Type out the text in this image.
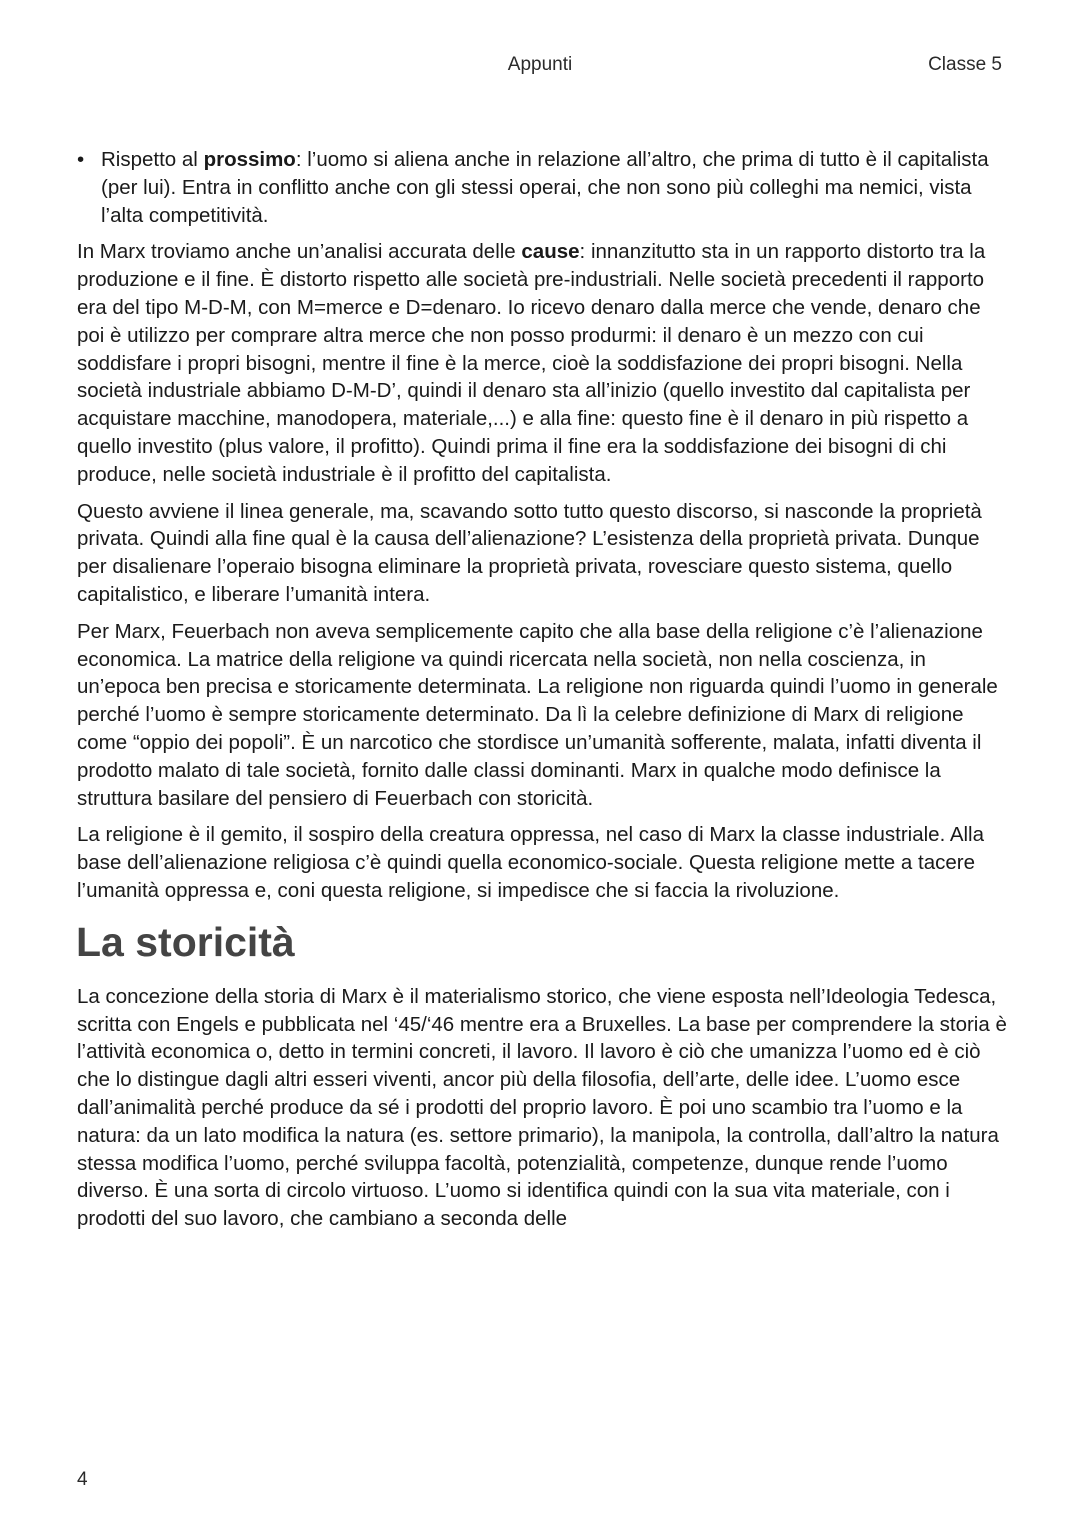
Appunti	Classe 5
• Rispetto al prossimo: l’uomo si aliena anche in relazione all’altro, che prima di tutto è il capitalista (per lui). Entra in conflitto anche con gli stessi operai, che non sono più colleghi ma nemici, vista l’alta competitività.

In Marx troviamo anche un’analisi accurata delle cause: innanzitutto sta in un rapporto distorto tra la produzione e il fine. È distorto rispetto alle società pre-industriali. Nelle società precedenti il rapporto era del tipo M-D-M, con M=merce e D=denaro. Io ricevo denaro dalla merce che vende, denaro che poi è utilizzo per comprare altra merce che non posso produrmi: il denaro è un mezzo con cui soddisfare i propri bisogni, mentre il fine è la merce, cioè la soddisfazione dei propri bisogni. Nella società industriale abbiamo D-M-D’, quindi il denaro sta all’inizio (quello investito dal capitalista per acquistare macchine, manodopera, materiale,...) e alla fine: questo fine è il denaro in più rispetto a quello investito (plus valore, il profitto). Quindi prima il fine era la soddisfazione dei bisogni di chi produce, nelle società industriale è il profitto del capitalista.

Questo avviene il linea generale, ma, scavando sotto tutto questo discorso, si nasconde la proprietà privata. Quindi alla fine qual è la causa dell’alienazione? L’esistenza della proprietà privata. Dunque per disalienare l’operaio bisogna eliminare la proprietà privata, rovesciare questo sistema, quello capitalistico, e liberare l’umanità intera.

Per Marx, Feuerbach non aveva semplicemente capito che alla base della religione c’è l’alienazione economica. La matrice della religione va quindi ricercata nella società, non nella coscienza, in un’epoca ben precisa e storicamente determinata. La religione non riguarda quindi l’uomo in generale perché l’uomo è sempre storicamente determinato. Da lì la celebre definizione di Marx di religione come “oppio dei popoli”. È un narcotico che stordisce un’umanità sofferente, malata, infatti diventa il prodotto malato di tale società, fornito dalle classi dominanti. Marx in qualche modo definisce la struttura basilare del pensiero di Feuerbach con storicità.

La religione è il gemito, il sospiro della creatura oppressa, nel caso di Marx la classe industriale. Alla base dell’alienazione religiosa c’è quindi quella economico-sociale. Questa religione mette a tacere l’umanità oppressa e, coni questa religione, si impedisce che si faccia la rivoluzione.

La storicità

La concezione della storia di Marx è il materialismo storico, che viene esposta nell’Ideologia Tedesca, scritta con Engels e pubblicata nel ‘45/‘46 mentre era a Bruxelles. La base per comprendere la storia è l’attività economica o, detto in termini concreti, il lavoro. Il lavoro è ciò che umanizza l’uomo ed è ciò che lo distingue dagli altri esseri viventi, ancor più della filosofia, dell’arte, delle idee. L’uomo esce dall’animalità perché produce da sé i prodotti del proprio lavoro. È poi uno scambio tra l’uomo e la natura: da un lato modifica la natura (es. settore primario), la manipola, la controlla, dall’altro la natura stessa modifica l’uomo, perché sviluppa facoltà, potenzialità, competenze, dunque rende l’uomo diverso. È una sorta di circolo virtuoso. L’uomo si identifica quindi con la sua vita materiale, con i prodotti del suo lavoro, che cambiano a seconda delle

4
